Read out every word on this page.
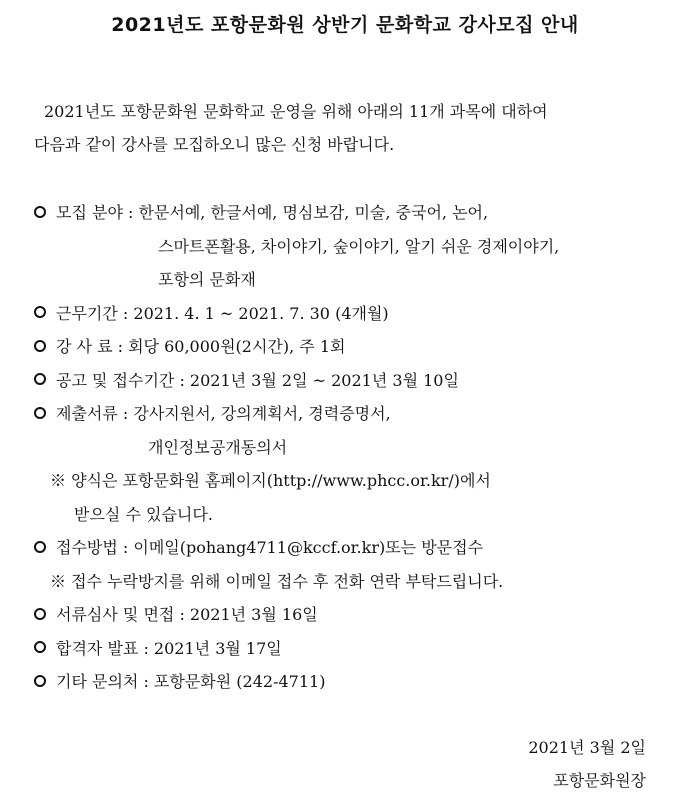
2021년도 포항문화원 상반기 문화학교 강사모집 안내
2021년도 포항문화원 문화학교 운영을 위해 아래의 11개 과목에 대하여
다음과 같이 강사를 모집하오니 많은 신청 바랍니다.
모집 분야 : 한문서예, 한글서예, 명심보감, 미술, 중국어, 논어,
스마트폰활용, 차이야기, 숲이야기, 알기 쉬운 경제이야기,
포항의 문화재
근무기간 : 2021. 4. 1 ~ 2021. 7. 30 (4개월)
강 사 료 : 회당 60,000원(2시간), 주 1회
공고 및 접수기간 : 2021년 3월 2일 ~ 2021년 3월 10일
제출서류 : 강사지원서, 강의계획서, 경력증명서,
개인정보공개동의서
※ 양식은 포항문화원 홈페이지(http://www.phcc.or.kr/)에서
받으실 수 있습니다.
접수방법 : 이메일(pohang4711@kccf.or.kr)또는 방문접수
※ 접수 누락방지를 위해 이메일 접수 후 전화 연락 부탁드립니다.
서류심사 및 면접 : 2021년 3월 16일
합격자 발표 : 2021년 3월 17일
기타 문의처 : 포항문화원 (242-4711)
2021년 3월 2일
포항문화원장
